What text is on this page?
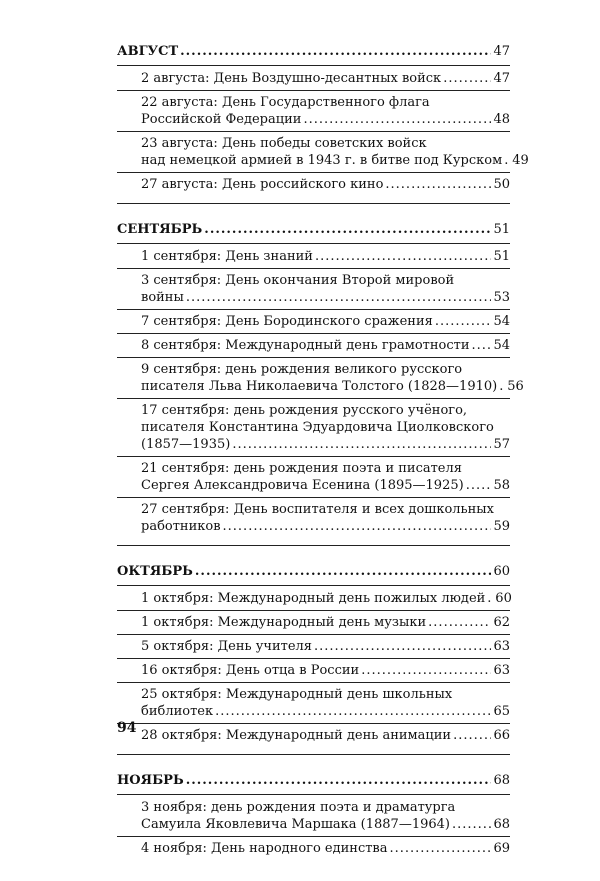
АВГУСТ .....	47
2 августа: День Воздушно-десантных войск .....	47
22 августа: День Государственного флага
Российской Федерации .....	48
23 августа: День победы советских войск
над немецкой армией в 1943 г. в битве под Курском ..... 49
27 августа: День российского кино .....	50
СЕНТЯБРЬ .....	51
1 сентября: День знаний .....	51
3 сентября: День окончания Второй мировой
войны .....	53
7 сентября: День Бородинского сражения .....	54
8 сентября: Международный день грамотности ..... 54
9 сентября: день рождения великого русского
писателя Льва Николаевича Толстого (1828—1910) ..... 56
17 сентября: день рождения русского учёного,
писателя Константина Эдуардовича Циолковского
(1857—1935) .....	57
21 сентября: день рождения поэта и писателя
Сергея Александровича Есенина (1895—1925) ..... 58
27 сентября: День воспитателя и всех дошкольных
работников .....	59
ОКТЯБРЬ .....	60
1 октября: Международный день пожилых людей ..... 60
1 октября: Международный день музыки .....	62
5 октября: День учителя .....	63
16 октября: День отца в России .....	63
25 октября: Международный день школьных
библиотек .....	65
28 октября: Международный день анимации .....	66
НОЯБРЬ .....	68
3 ноября: день рождения поэта и драматурга
Самуила Яковлевича Маршака (1887—1964) .....	68
4 ноября: День народного единства .....	69
94
